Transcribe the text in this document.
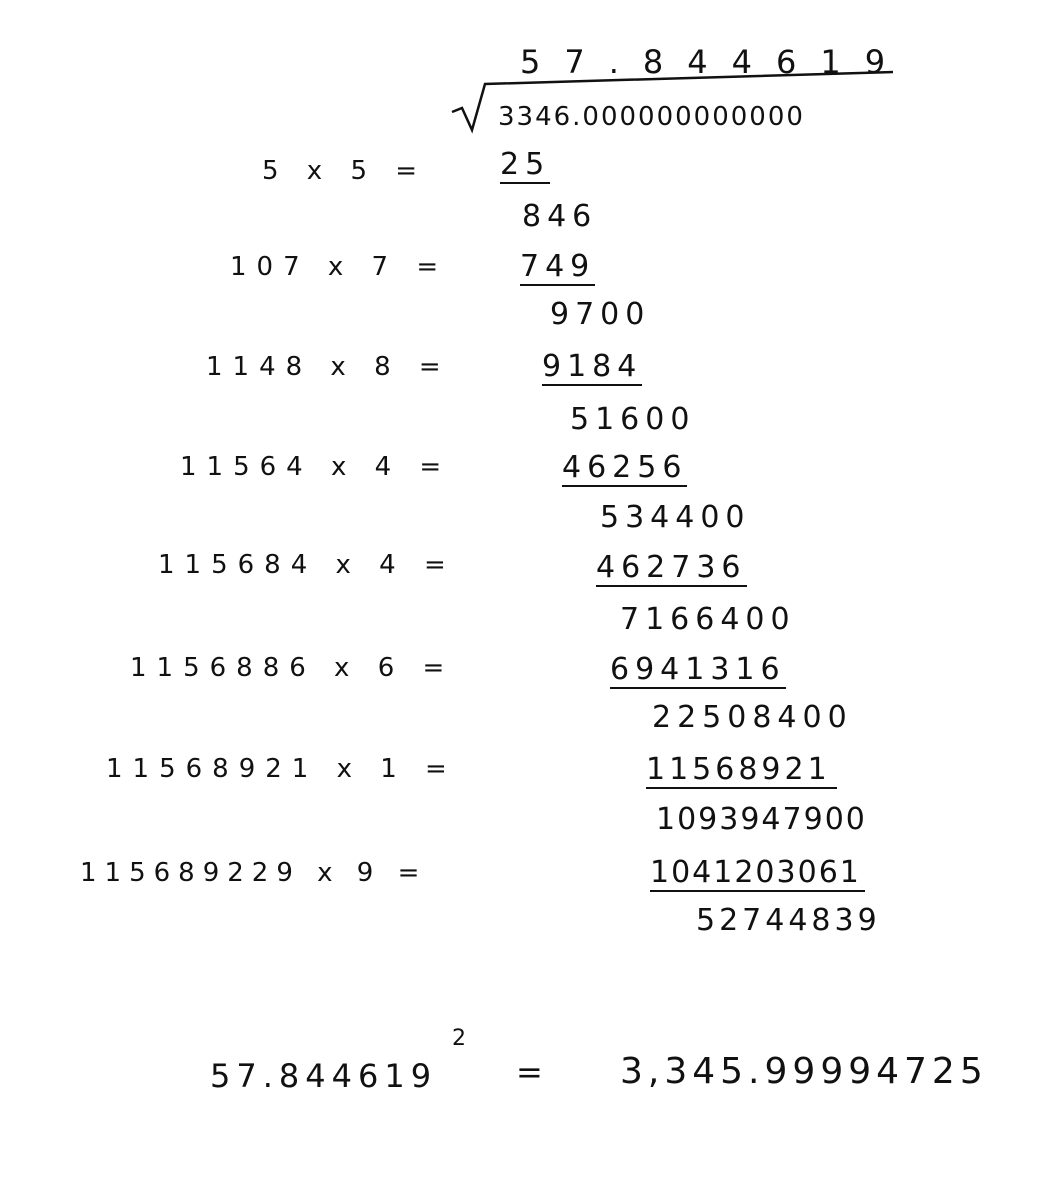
57.844619
3346.000000000000
5 x 5 = 25
846
107 x 7 = 749
9700
1148 x 8 =	9184
51600
11564 x 4 =	46256
534400
115684 x 4 =	462736
7166400
1156886 x 6 =	6941316
22508400
11568921 x 1 =	11568921
1093947900
115689229 x 9 =	1041203061
52744839
57.844619
2
= 3,345.99994725
